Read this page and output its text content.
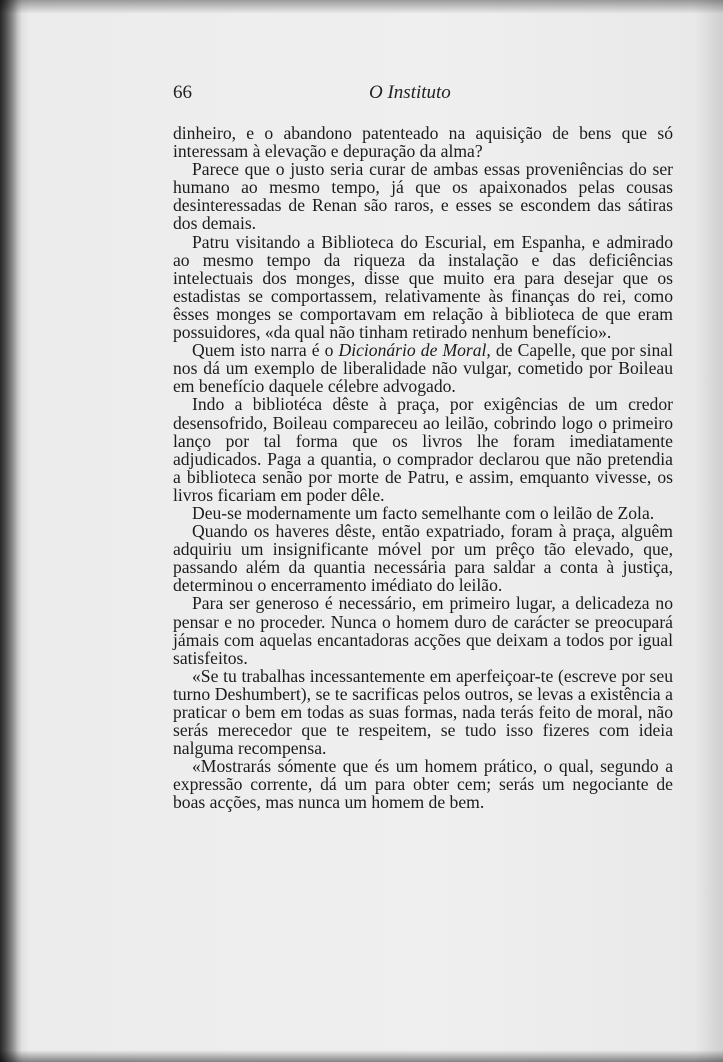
66	O Instituto

dinheiro, e o abandono patenteado na aquisição de bens que só interessam à elevação e depuração da alma?

Parece que o justo seria curar de ambas essas proveniências do ser humano ao mesmo tempo, já que os apaixonados pelas cousas desinteressadas de Renan são raros, e esses se escondem das sátiras dos demais.

Patru visitando a Biblioteca do Escurial, em Espanha, e admirado ao mesmo tempo da riqueza da instalação e das deficiências intelectuais dos monges, disse que muito era para desejar que os estadistas se comportassem, relativamente às finanças do rei, como êsses monges se comportavam em relação à biblioteca de que eram possuidores, «da qual não tinham retirado nenhum benefício».

Quem isto narra é o Dicionário de Moral, de Capelle, que por sinal nos dá um exemplo de liberalidade não vulgar, cometido por Boileau em benefício daquele célebre advogado.

Indo a bibliotéca dêste à praça, por exigências de um credor desensofrido, Boileau compareceu ao leilão, cobrindo logo o primeiro lanço por tal forma que os livros lhe foram imediatamente adjudicados. Paga a quantia, o comprador declarou que não pretendia a biblioteca senão por morte de Patru, e assim, emquanto vivesse, os livros ficariam em poder dêle.

Deu-se modernamente um facto semelhante com o leilão de Zola.

Quando os haveres dêste, então expatriado, foram à praça, alguêm adquiriu um insignificante móvel por um prêço tão elevado, que, passando além da quantia necessária para saldar a conta à justiça, determinou o encerramento imédiato do leilão.

Para ser generoso é necessário, em primeiro lugar, a delicadeza no pensar e no proceder. Nunca o homem duro de carácter se preocupará jámais com aquelas encantadoras acções que deixam a todos por igual satisfeitos.

«Se tu trabalhas incessantemente em aperfeiçoar-te (escreve por seu turno Deshumbert), se te sacrificas pelos outros, se levas a existência a praticar o bem em todas as suas formas, nada terás feito de moral, não serás merecedor que te respeitem, se tudo isso fizeres com ideia nalguma recompensa.

«Mostrarás sómente que és um homem prático, o qual, segundo a expressão corrente, dá um para obter cem; serás um negociante de boas acções, mas nunca um homem de bem.
